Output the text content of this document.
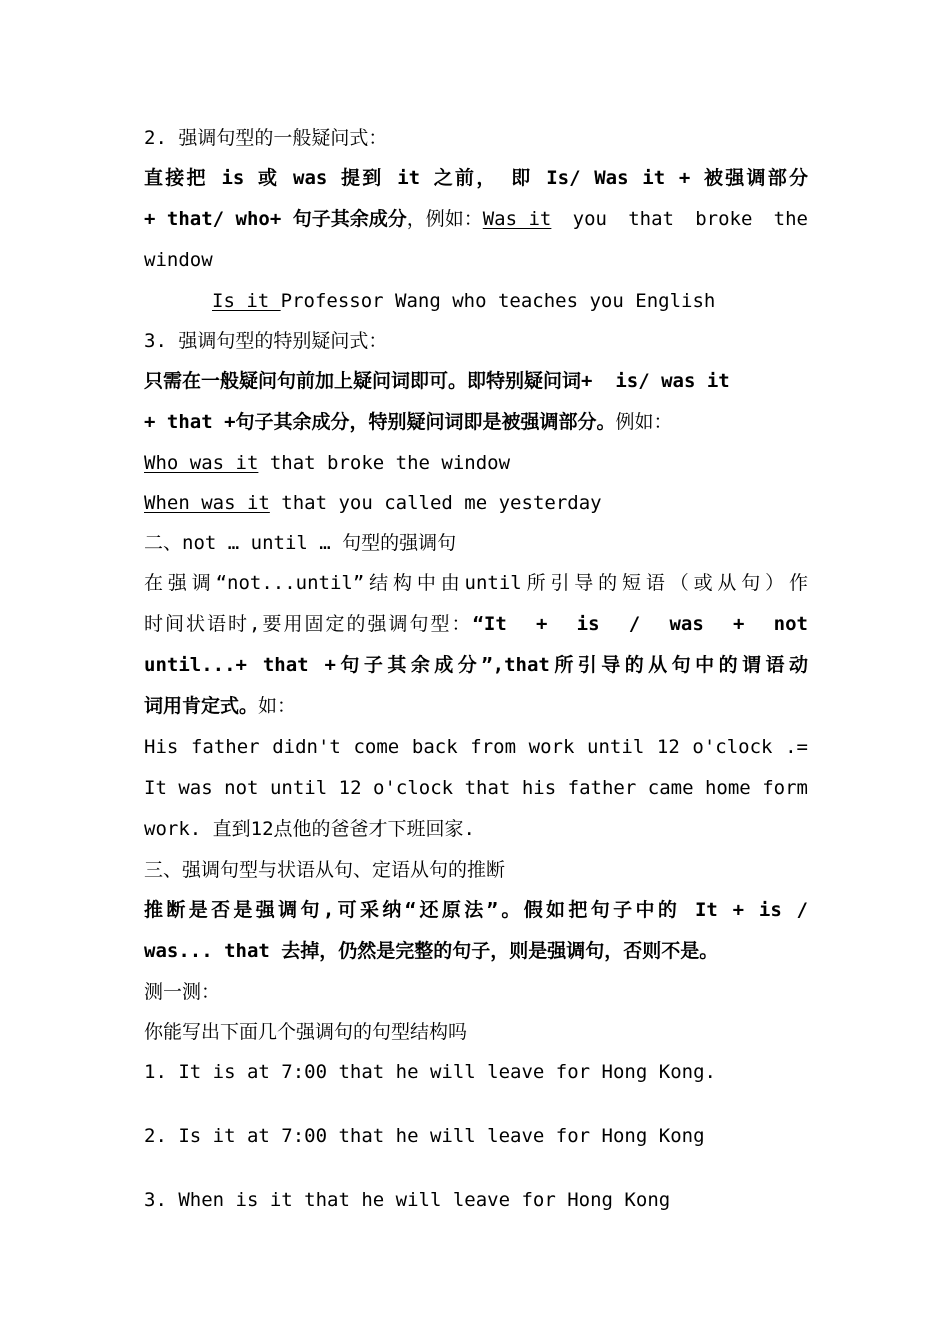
2. 强调句型的一般疑问式：
直接把 is 或 was 提到 it 之前， 即 Is/ Was it + 被强调部分
+ that/ who+ 句子其余成分 ，例如： Was it you that broke the
window
Is it Professor Wang who teaches you English
3. 强调句型的特别疑问式：
只需在一般疑问句前加上疑问词即可。即特别疑问词+  is/ was it
+ that +句子其余成分，特别疑问词即是被强调部分。例如：
Who was it that broke the window
When was it that you called me yesterday
二、not … until … 句型的强调句
在强调“not...until”结构中由until所引导的短语（或从句）作
时间状语时,要用固定的强调句型： “It + is / was + not
until...+ that +句子其余成分”,that所引导的从句中的谓语动
词用肯定式。如：
His father didn't come back from work until 12 o'clock .=
It was not until 12 o'clock that his father came home form
work. 直到12点他的爸爸才下班回家.
三、强调句型与状语从句、定语从句的推断
推断是否是强调句,可采纳“还原法”。假如把句子中的 It + is /
was... that 去掉，仍然是完整的句子，则是强调句，否则不是。
测一测：
你能写出下面几个强调句的句型结构吗
1. It is at 7:00 that he will leave for Hong Kong.
2. Is it at 7:00 that he will leave for Hong Kong
3. When is it that he will leave for Hong Kong
